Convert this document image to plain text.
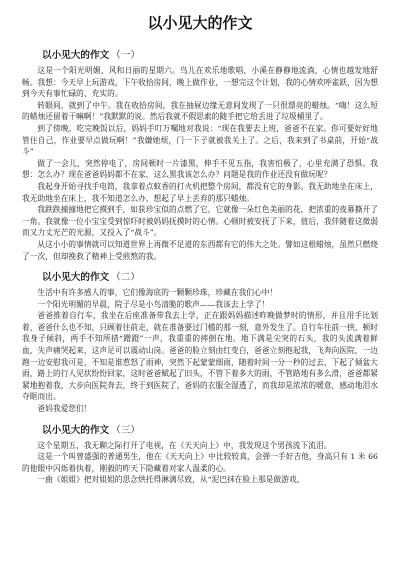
以小见大的作文
以小见大的作文 （一）

这是一个阳光明媚、风和日丽的星期六。鸟儿在欢乐地歌唱，小溪在静静地流淌，心情也越发地舒畅。我想：今天早上玩游戏，下午收拾房间，晚上做作业，一想完这个计划，我的心情欢呼雀跃，因为想到今天有事忙碌的、充实的。

转眼间，就到了中午。我在收拾房间，我在抽屉边缘无意间发现了一只很漂亮的蜡烛。“嗨！这么短的蜡烛还留着干嘛啊！”我默默的说。然后我就不假思索的随手把它给丢进了垃圾桶里了。

到了傍晚，吃完晚饭以后，妈妈手叮万嘱地对我说：“现在我要去上班，爸爸不在家。你可要好好地管住自己，作业要早点做玩啊！”我嫌她烦，门一下子就被我关上了。之后，我来到了书桌前，开始“战斗”

做了一会儿，突然停电了，房间顿时一片漆黑，伸手不见五指，我害怕极了，心里充满了恐惧。我想：怎么办？现在爸爸妈妈都不在家，这么黑我该怎么办？问题是我的作业还没有做玩呢？

我起身开始寻找手电筒，我拿着点蚊香的打火机把整个房间，都没有它的身影。我无助地坐在床上，我无助地坐在床上，我不知道怎么办，想起了早上丢弃的那只蜡烛。

我跌跌撞撞地把它摸到手，如获珍宝似的点燃了它，它就像一朵红色美丽的花，把浓重的夜幕撕开了一角。我就像一位小宝宝受到惊吓时被妈妈抚摸时的心情。心顿时被安抚了下来，值后，我伴随着这微弱而又力丈光芒的光源，又投入了“战斗”。

从这小小的事情就可以知道世界上再微不足道的东西都有它的伟大之处。譬如这根蜡烛，虽然只燃烧了一次，但却挽救了精神上受煎熬的我。

以小见大的作文 （二）

生活中有许多感人的事，它们像海底的一颗颗珍珠，珍藏在我们心中！

一个阳光明媚的早晨，院子尽是小鸟清脆的歌声——我该去上学了！

爸爸推着自行车，我坐在后座准备带我去上学，正在跟妈妈描述昨晚做梦时的情形，并且用手比划着，爸爸什么也不知，只顾着往前走，就在准备要过门槛的那一刻，意外发生了。自行车往前一拱，顿时我身子倾斜，两手不知所措“蹭蹬”一声，我重重的摔倒在地。地下满是尖突的石头，我的头流满着鲜血，失声痛哭起来，这声足可以震动山岗。爸爸的脸立刻由红变白，爸爸立刻抱起我，飞奔向医院，一边跑一边安慰我可是，不知是谁惹怒了雨神，突然下起蒙蒙细雨，随着时间一分一秒的过去，下起了倾盆大雨，路上的行人见状纷纷回家，这时爸爸赋起了旧头，不管下着多大的雨，不管路地有多么滑，爸爸都紧紧地抱着我，大步向医院奔去，终于到医院了，爸妈的衣服全湿透了，而我却是浓浓的暖意，感动地泪水夺眶而出。

爸妈我爱您们！

以小见大的作文 （三）

这个星期五，我无聊之际打开了电视，在《天天向上》中，我发现这个男孩流下流泪。

这是一个叫曾盛强的普通男生，他在《天天向上》中比较较真，会弹一手好吉他，身高只有 1 米 66 的他眼中闪烁着执着，刚毅的昨天下隐藏着对家人温柔的心。

一曲《姐姐》把对姐姐的思念烘托得淋漓尽致，从“泥巴抹在脸上那是做游戏，
